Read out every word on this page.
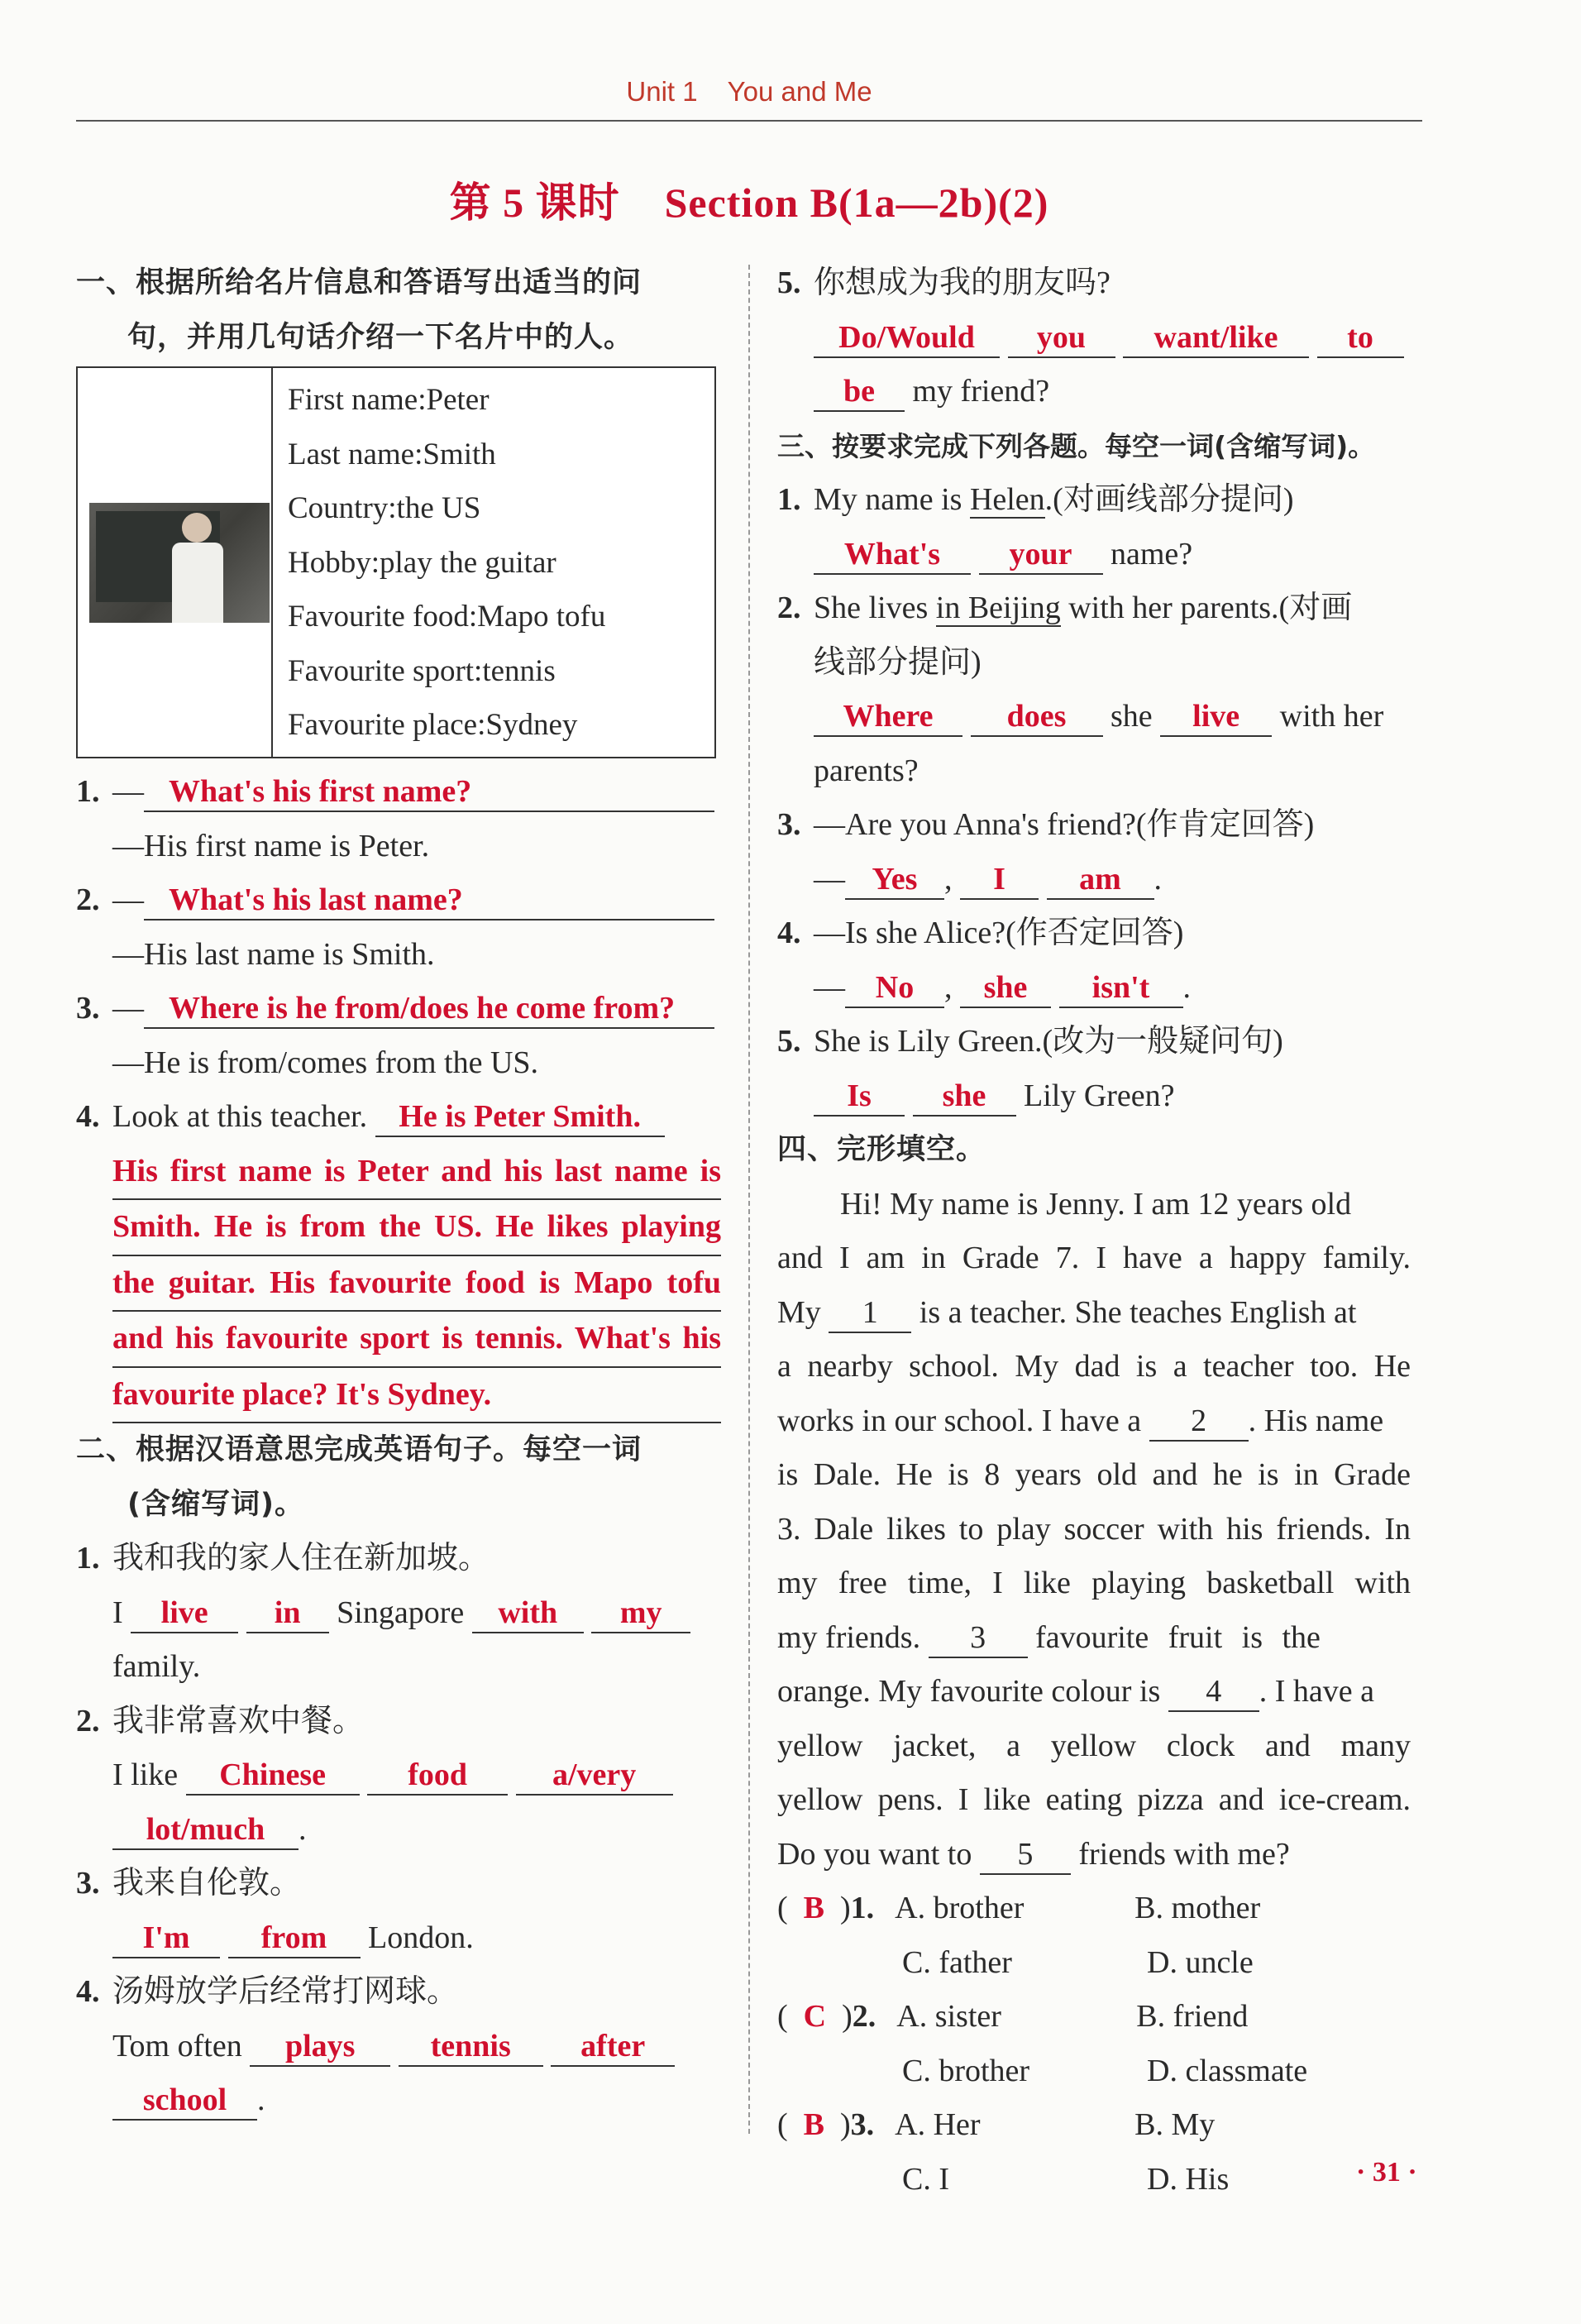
Unit 1    You and Me
第 5 课时    Section B(1a—2b)(2)
一、根据所给名片信息和答语写出适当的问
句，并用几句话介绍一下名片中的人。
First name:Peter
Last name:Smith
Country:the US
Hobby:play the guitar
Favourite food:Mapo tofu
Favourite sport:tennis
Favourite place:Sydney
1. — What's his first name?
—His first name is Peter.
2. — What's his last name?
—His last name is Smith.
3. — Where is he from/does he come from?
—He is from/comes from the US.
4. Look at this teacher. He is Peter Smith.
His first name is Peter and his last name is
Smith. He is from the US. He likes playing
the guitar. His favourite food is Mapo tofu
and his favourite sport is tennis. What's his
favourite place? It's Sydney.
二、根据汉语意思完成英语句子。每空一词
(含缩写词)。
1. 我和我的家人住在新加坡。
I live in Singapore with my
family.
2. 我非常喜欢中餐。
I like Chinese	food	a/very
lot/much .
3. 我来自伦敦。
I'm from London.
4. 汤姆放学后经常打网球。
Tom often plays tennis after
school .
5. 你想成为我的朋友吗?
Do/Would you want/like to
be my friend?
三、按要求完成下列各题。每空一词(含缩写词)。
1. My name is Helen.(对画线部分提问)
What's your name?
2. She lives in Beijing with her parents.(对画
线部分提问)
Where does she live with her
parents?
3. —Are you Anna's friend?(作肯定回答)
— Yes , I am .
4. —Is she Alice?(作否定回答)
— No , she isn't .
5. She is Lily Green.(改为一般疑问句)
Is she Lily Green?
四、完形填空。
Hi! My name is Jenny. I am 12 years old
and I am in Grade 7. I have a happy family.
My 1 is a teacher. She teaches English at
a nearby school. My dad is a teacher too. He
works in our school. I have a 2 . His name
is Dale. He is 8 years old and he is in Grade
3. Dale likes to play soccer with his friends. In
my free time, I like playing basketball with
my friends. 3 favourite fruit is the
orange. My favourite colour is 4 . I have a
yellow jacket, a yellow clock and many
yellow pens. I like eating pizza and ice-cream.
Do you want to 5 friends with me?
(  B  )1. A. brother	B. mother
C. father	D. uncle
(  C  )2. A. sister	B. friend
C. brother	D. classmate
(  B  )3. A. Her	B. My
C. I	D. His	· 31 ·
